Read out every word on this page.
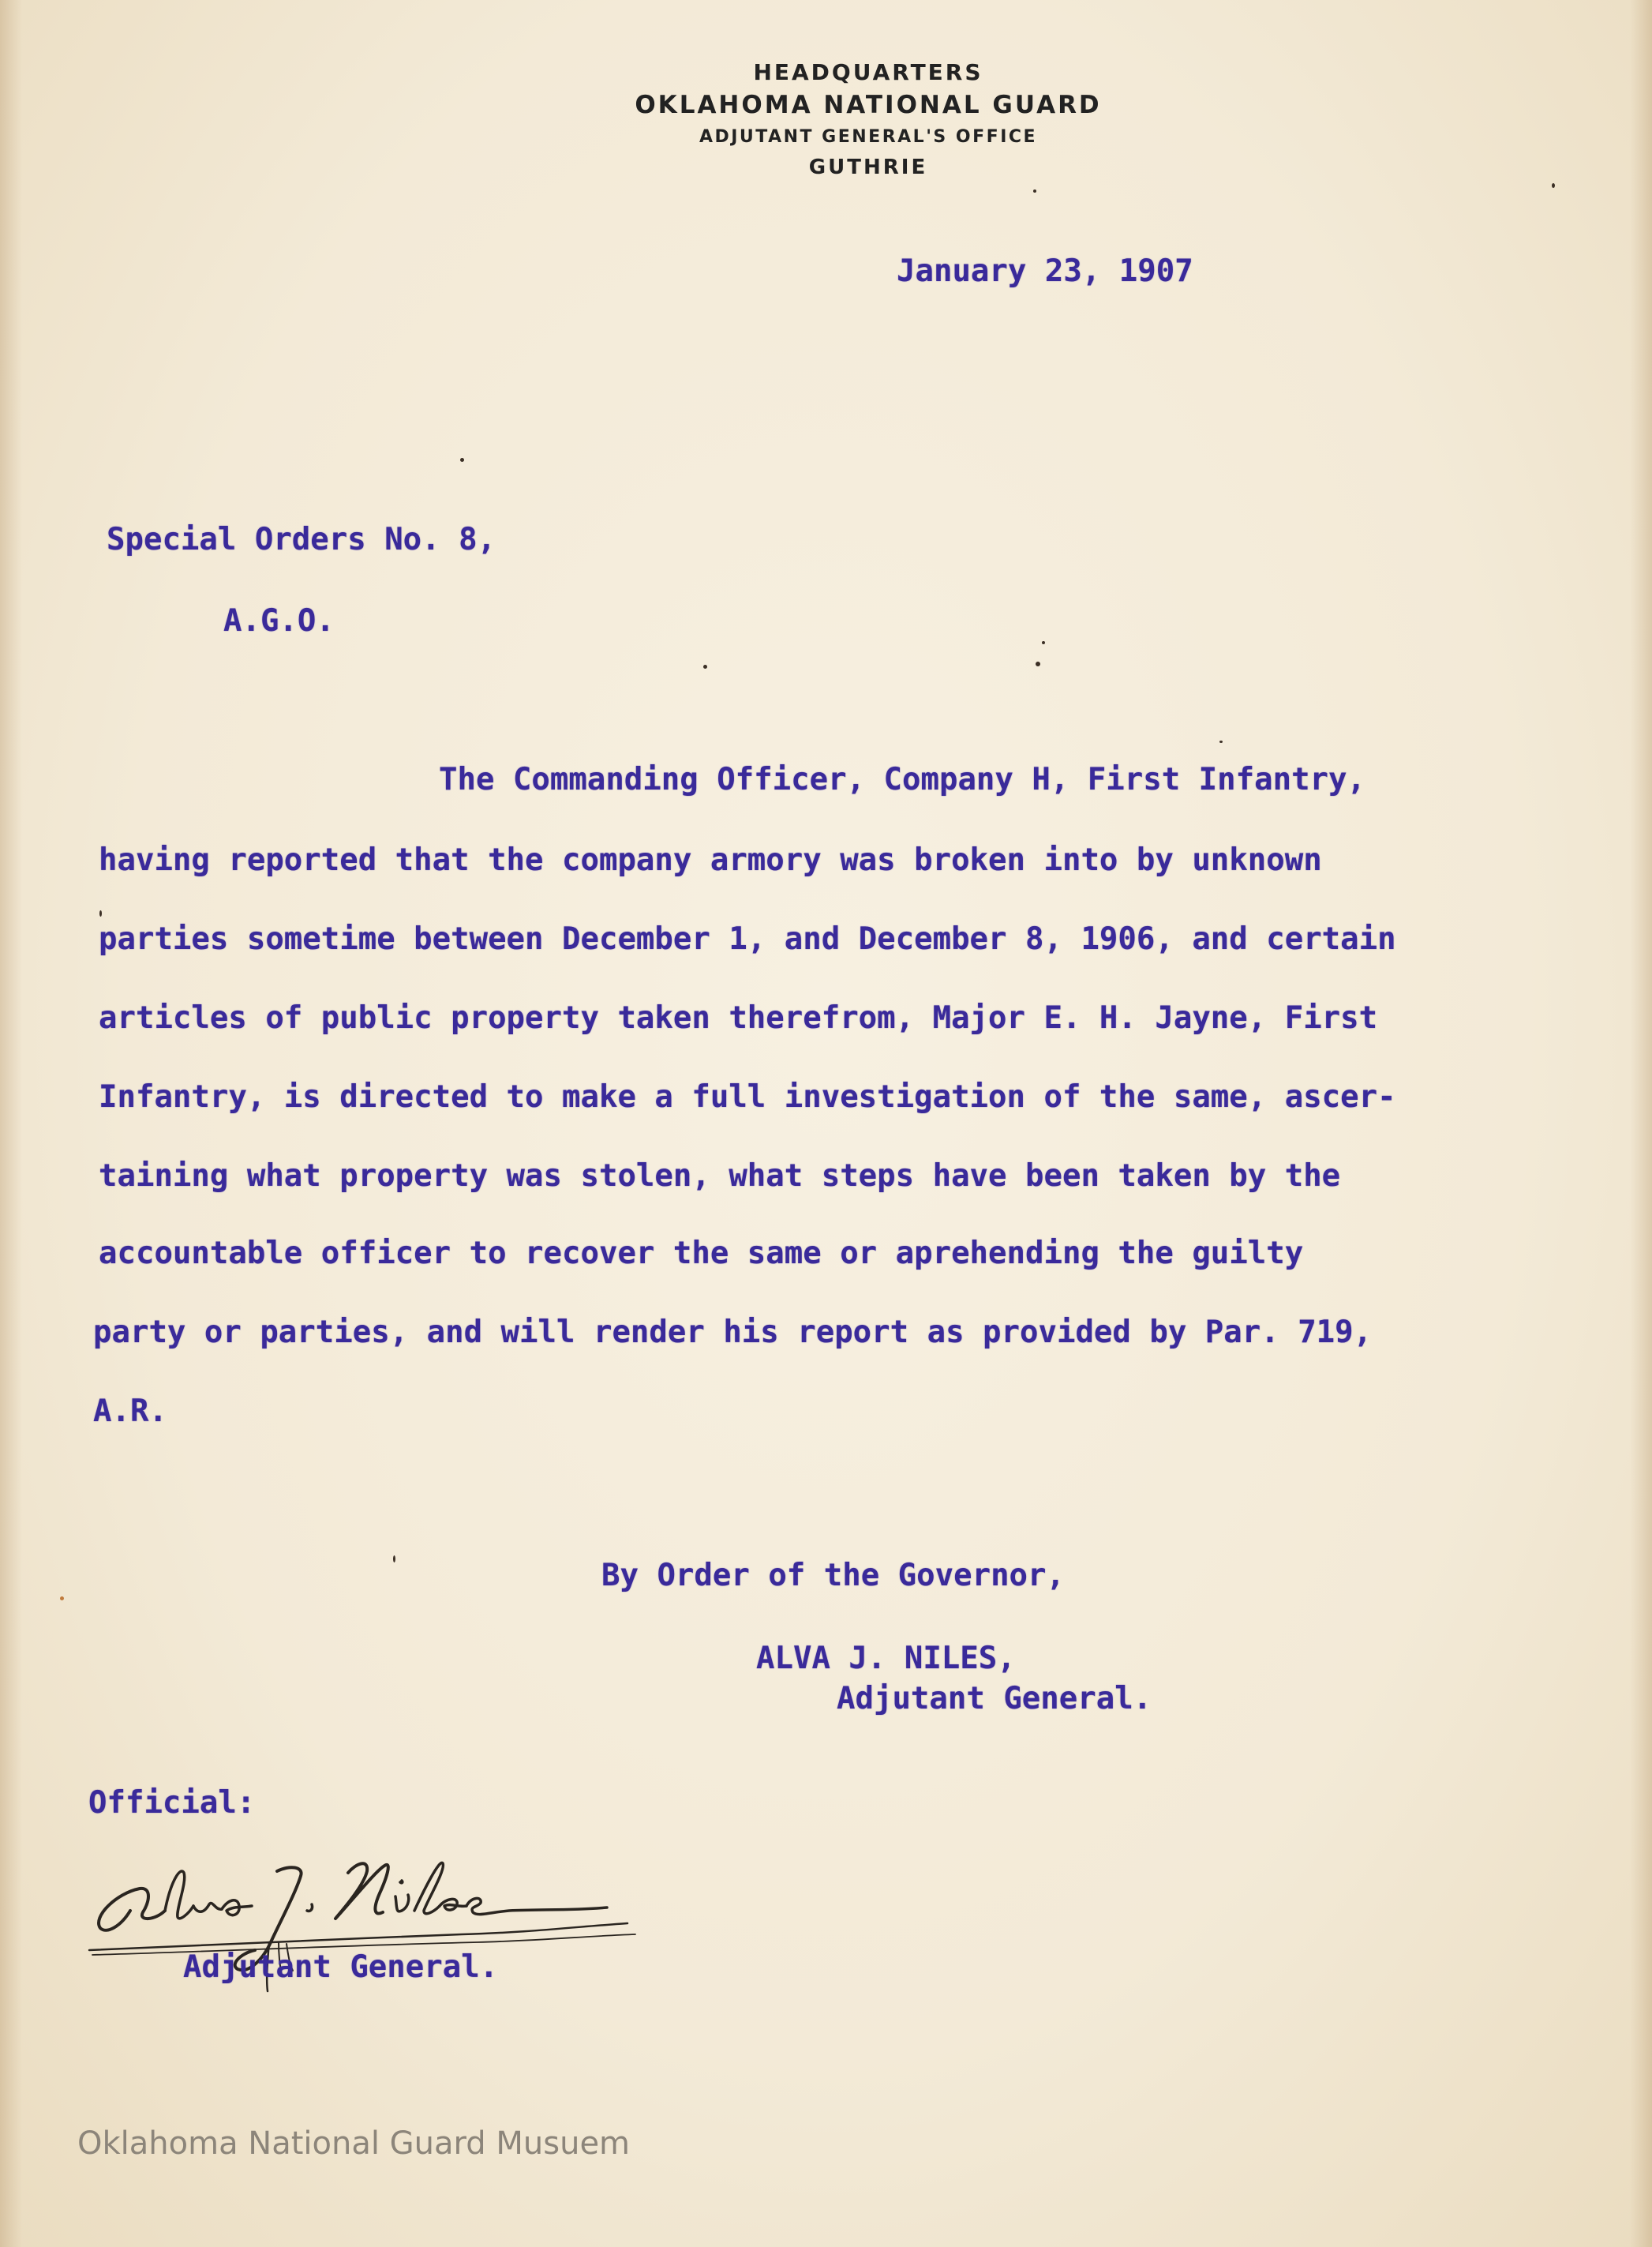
HEADQUARTERS
OKLAHOMA NATIONAL GUARD
ADJUTANT GENERAL'S OFFICE
GUTHRIE
January 23, 1907
Special Orders No. 8,
A.G.O.
The Commanding Officer, Company H, First Infantry,
having reported that the company armory was broken into by unknown
parties sometime between December 1, and December 8, 1906, and certain
articles of public property taken therefrom, Major E. H. Jayne, First
Infantry, is directed to make a full investigation of the same, ascer-
taining what property was stolen, what steps have been taken by the
accountable officer to recover the same or aprehending the guilty
party or parties, and will render his report as provided by Par. 719,
A.R.
By Order of the Governor,
ALVA J. NILES,
Adjutant General.
Official:
Adjutant General.
Oklahoma National Guard Musuem
